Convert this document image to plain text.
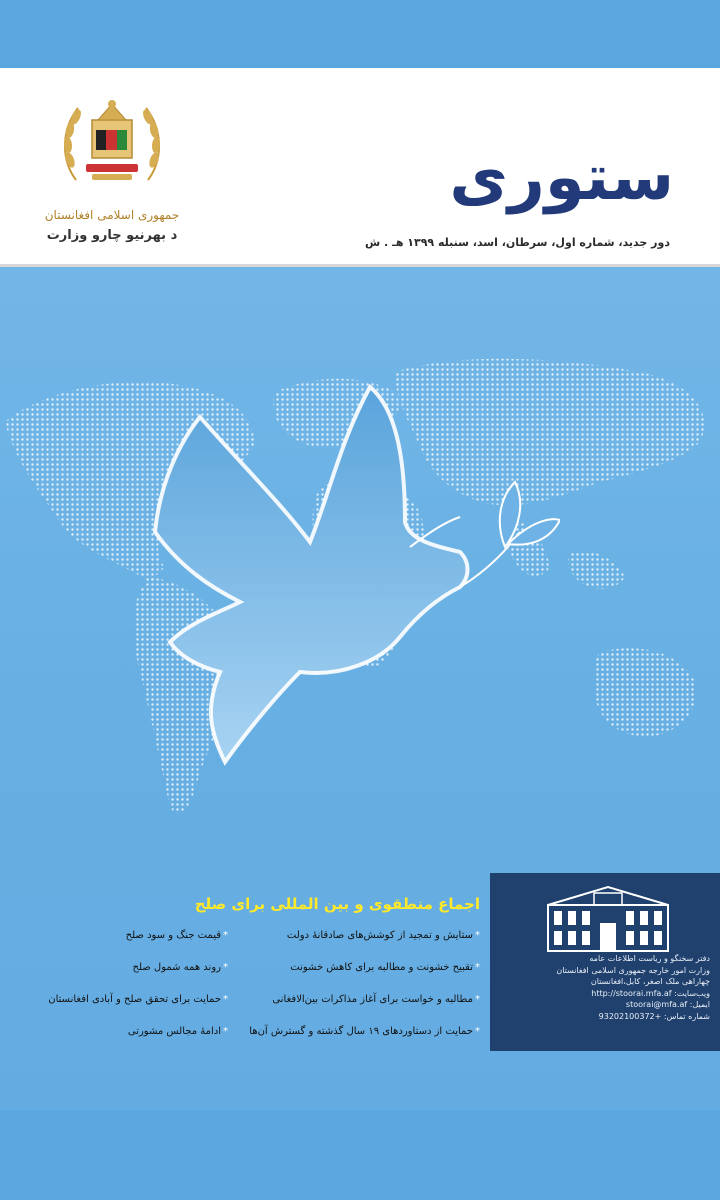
جمهوری اسلامی افغانستان
د بهرنیو چارو وزارت
ستوری
دور جدید، شماره اول، سرطان، اسد، سنبله ۱۳۹۹ هـ . ش
دفتر سخنگو و ریاست اطلاعات عامه
وزارت امور خارجه جمهوری اسلامی افغانستان
چهاراهی ملک اصغر، کابل،افغانستان
ویب‌سایت: http://stoorai.mfa.af
ایمیل: stoorai@mfa.af
شماره تماس: +93202100372
اجماع منطقوی و بین المللی برای صلح
*ستایش و تمجید از کوشش‌های صادقانهٔ دولت
*تقبیح خشونت و مطالبه برای کاهش خشونت
*مطالبه و خواست برای آغاز مذاکرات بین‌الافغانی
*حمایت از دستاوردهای ۱۹ سال گذشته و گسترش آن‌ها
*قیمت جنگ و سود صلح
*روند همه شمول صلح
*حمایت برای تحقق صلح و آبادی افغانستان
*ادامهٔ مجالس مشورتی
